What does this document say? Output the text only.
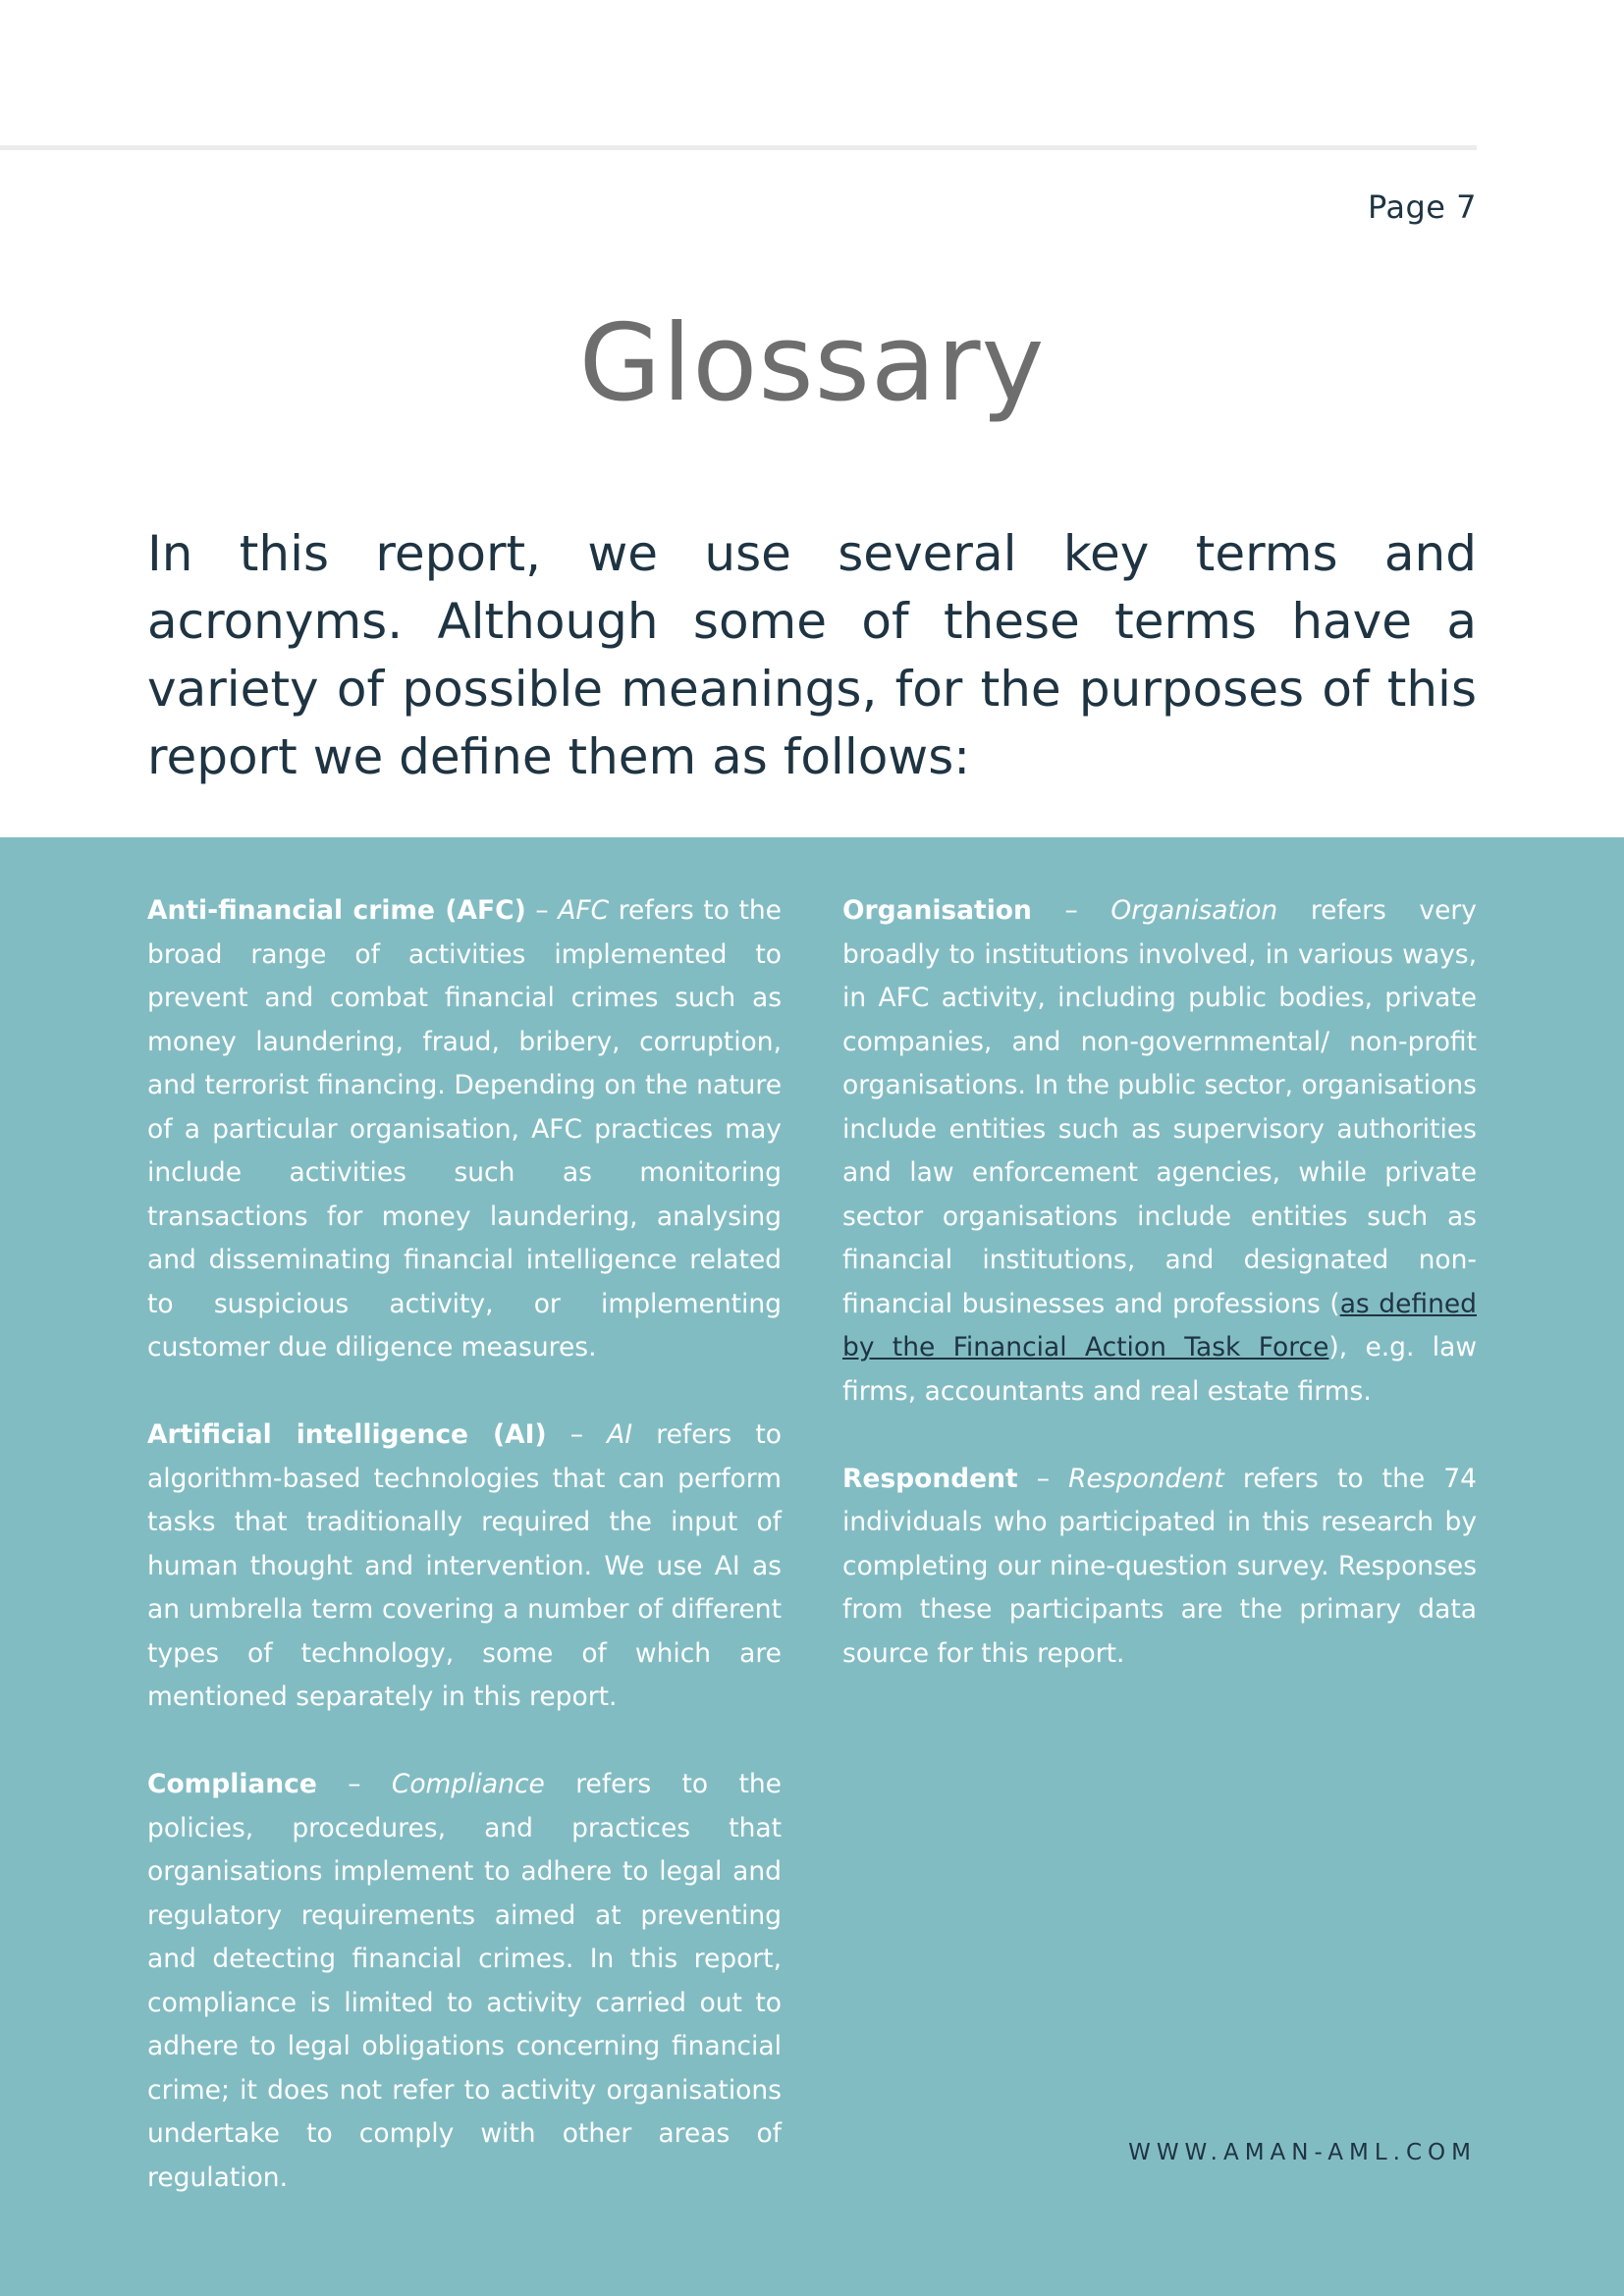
Page 7
Glossary

In this report, we use several key terms and acronyms. Although some of these terms have a variety of possible meanings, for the purposes of this report we define them as follows:

Anti-financial crime (AFC) – AFC refers to the broad range of activities implemented to prevent and combat financial crimes such as money laundering, fraud, bribery, corruption, and terrorist financing. Depending on the nature of a particular organisation, AFC practices may include activities such as monitoring transactions for money laundering, analysing and disseminating financial intelligence related to suspicious activity, or implementing customer due diligence measures.

Artificial intelligence (AI) – AI refers to algorithm-based technologies that can perform tasks that traditionally required the input of human thought and intervention. We use AI as an umbrella term covering a number of different types of technology, some of which are mentioned separately in this report.

Compliance – Compliance refers to the policies, procedures, and practices that organisations implement to adhere to legal and regulatory requirements aimed at preventing and detecting financial crimes. In this report, compliance is limited to activity carried out to adhere to legal obligations concerning financial crime; it does not refer to activity organisations undertake to comply with other areas of regulation.

Organisation – Organisation refers very broadly to institutions involved, in various ways, in AFC activity, including public bodies, private companies, and non-governmental/ non-profit organisations. In the public sector, organisations include entities such as supervisory authorities and law enforcement agencies, while private sector organisations include entities such as financial institutions, and designated non-financial businesses and professions (as defined by the Financial Action Task Force), e.g. law firms, accountants and real estate firms.

Respondent – Respondent refers to the 74 individuals who participated in this research by completing our nine-question survey. Responses from these participants are the primary data source for this report.

WWW.AMAN-AML.COM
